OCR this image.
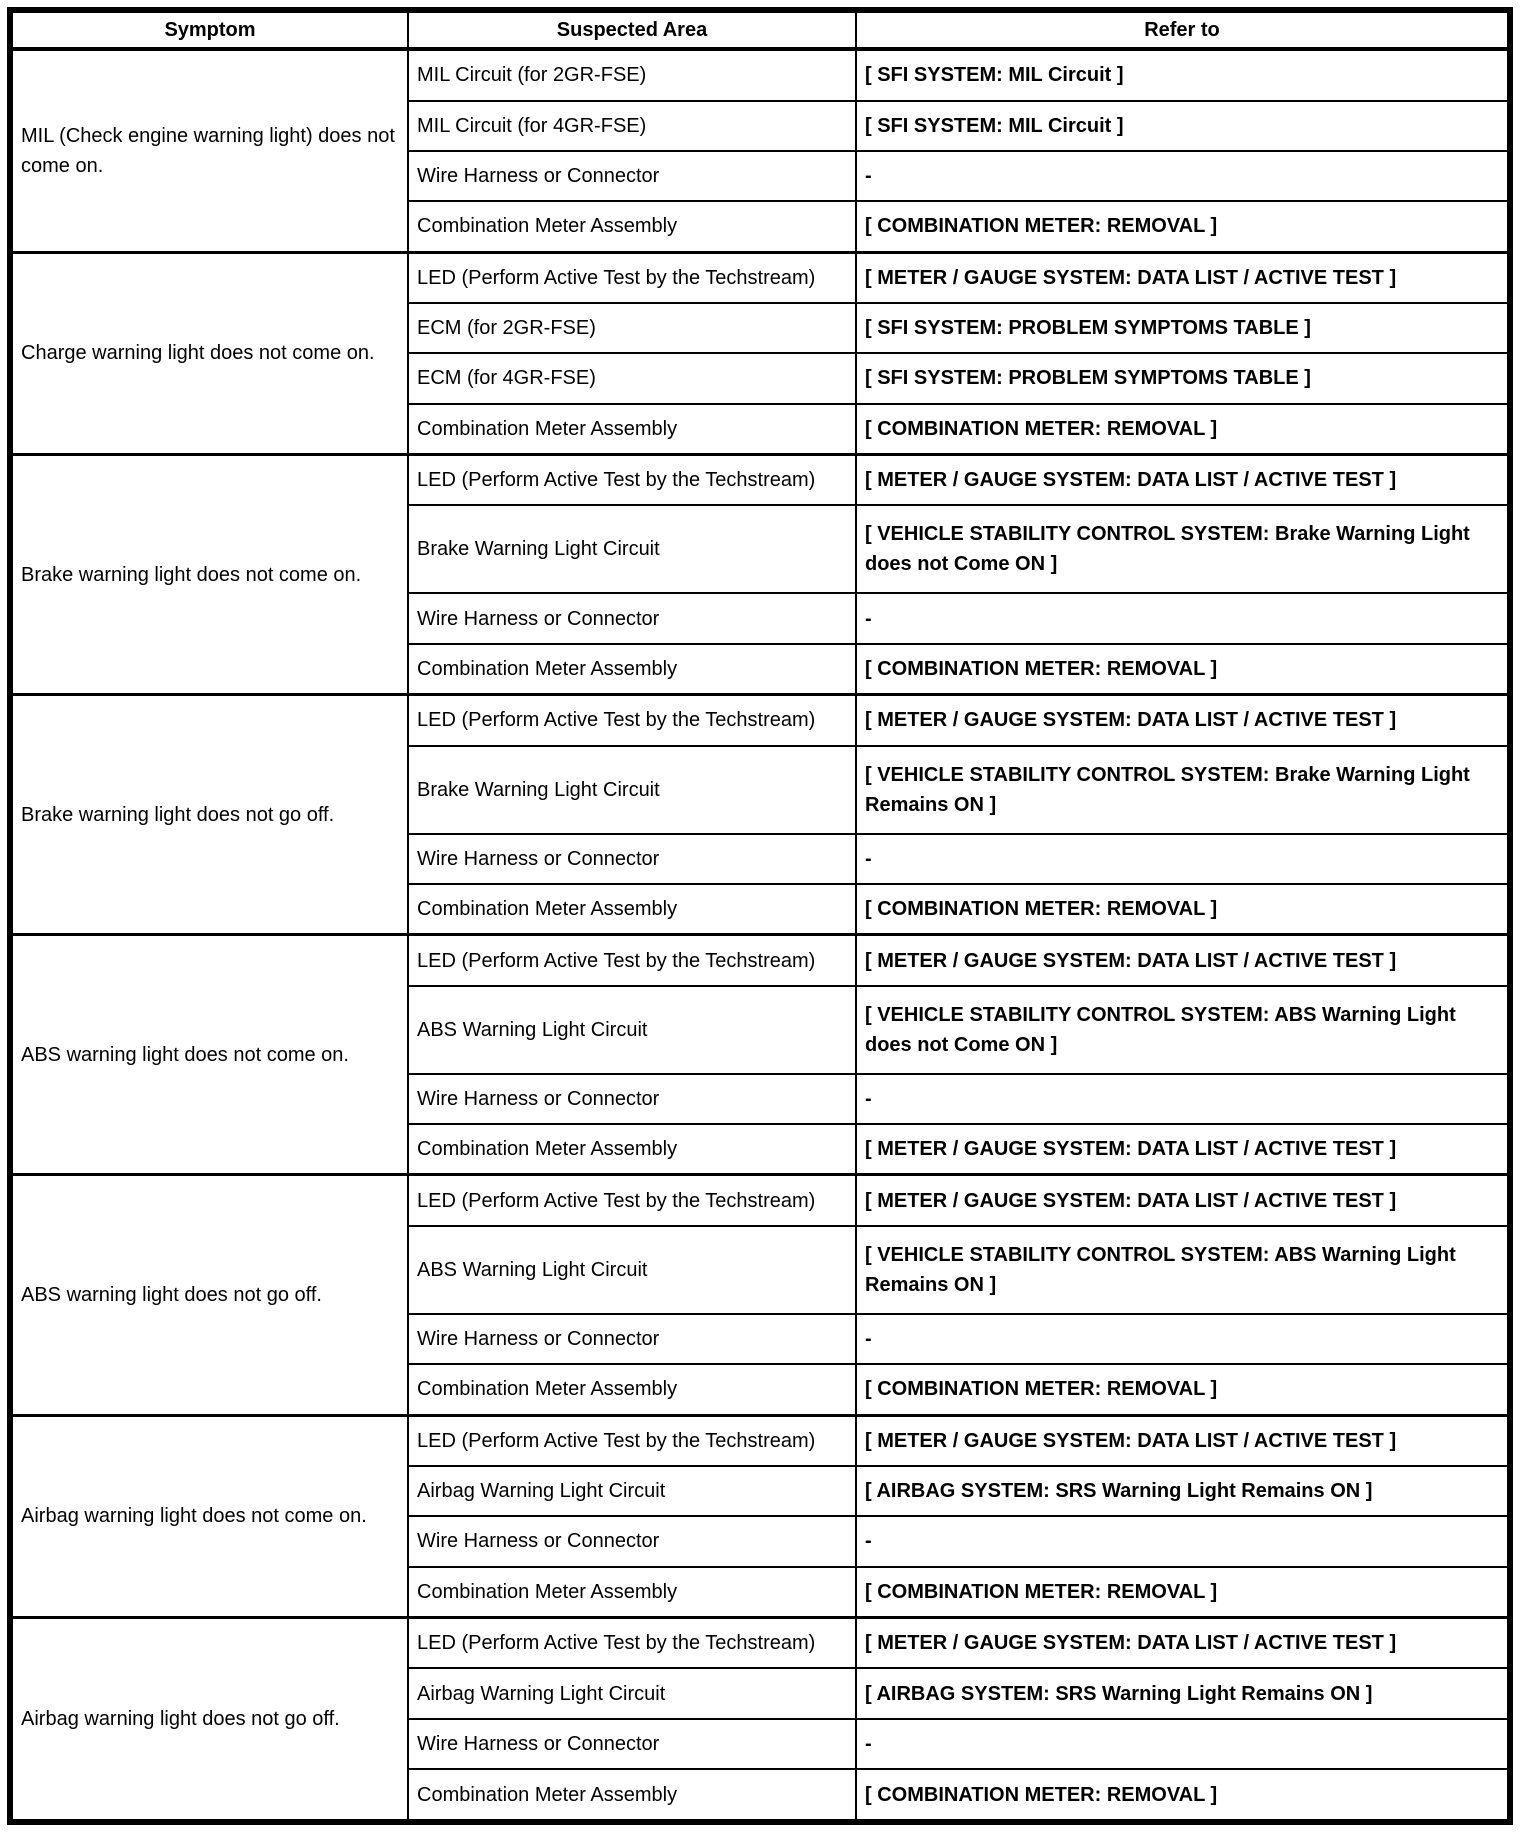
Symptom	Suspected Area	Refer to
MIL (Check engine warning light) does not come on.	MIL Circuit (for 2GR-FSE)	[ SFI SYSTEM: MIL Circuit ]
	MIL Circuit (for 4GR-FSE)	[ SFI SYSTEM: MIL Circuit ]
	Wire Harness or Connector	-
	Combination Meter Assembly	[ COMBINATION METER: REMOVAL ]
Charge warning light does not come on.	LED (Perform Active Test by the Techstream)	[ METER / GAUGE SYSTEM: DATA LIST / ACTIVE TEST ]
	ECM (for 2GR-FSE)	[ SFI SYSTEM: PROBLEM SYMPTOMS TABLE ]
	ECM (for 4GR-FSE)	[ SFI SYSTEM: PROBLEM SYMPTOMS TABLE ]
	Combination Meter Assembly	[ COMBINATION METER: REMOVAL ]
Brake warning light does not come on.	LED (Perform Active Test by the Techstream)	[ METER / GAUGE SYSTEM: DATA LIST / ACTIVE TEST ]
	Brake Warning Light Circuit	[ VEHICLE STABILITY CONTROL SYSTEM: Brake Warning Light does not Come ON ]
	Wire Harness or Connector	-
	Combination Meter Assembly	[ COMBINATION METER: REMOVAL ]
Brake warning light does not go off.	LED (Perform Active Test by the Techstream)	[ METER / GAUGE SYSTEM: DATA LIST / ACTIVE TEST ]
	Brake Warning Light Circuit	[ VEHICLE STABILITY CONTROL SYSTEM: Brake Warning Light Remains ON ]
	Wire Harness or Connector	-
	Combination Meter Assembly	[ COMBINATION METER: REMOVAL ]
ABS warning light does not come on.	LED (Perform Active Test by the Techstream)	[ METER / GAUGE SYSTEM: DATA LIST / ACTIVE TEST ]
	ABS Warning Light Circuit	[ VEHICLE STABILITY CONTROL SYSTEM: ABS Warning Light does not Come ON ]
	Wire Harness or Connector	-
	Combination Meter Assembly	[ METER / GAUGE SYSTEM: DATA LIST / ACTIVE TEST ]
ABS warning light does not go off.	LED (Perform Active Test by the Techstream)	[ METER / GAUGE SYSTEM: DATA LIST / ACTIVE TEST ]
	ABS Warning Light Circuit	[ VEHICLE STABILITY CONTROL SYSTEM: ABS Warning Light Remains ON ]
	Wire Harness or Connector	-
	Combination Meter Assembly	[ COMBINATION METER: REMOVAL ]
Airbag warning light does not come on.	LED (Perform Active Test by the Techstream)	[ METER / GAUGE SYSTEM: DATA LIST / ACTIVE TEST ]
	Airbag Warning Light Circuit	[ AIRBAG SYSTEM: SRS Warning Light Remains ON ]
	Wire Harness or Connector	-
	Combination Meter Assembly	[ COMBINATION METER: REMOVAL ]
Airbag warning light does not go off.	LED (Perform Active Test by the Techstream)	[ METER / GAUGE SYSTEM: DATA LIST / ACTIVE TEST ]
	Airbag Warning Light Circuit	[ AIRBAG SYSTEM: SRS Warning Light Remains ON ]
	Wire Harness or Connector	-
	Combination Meter Assembly	[ COMBINATION METER: REMOVAL ]
